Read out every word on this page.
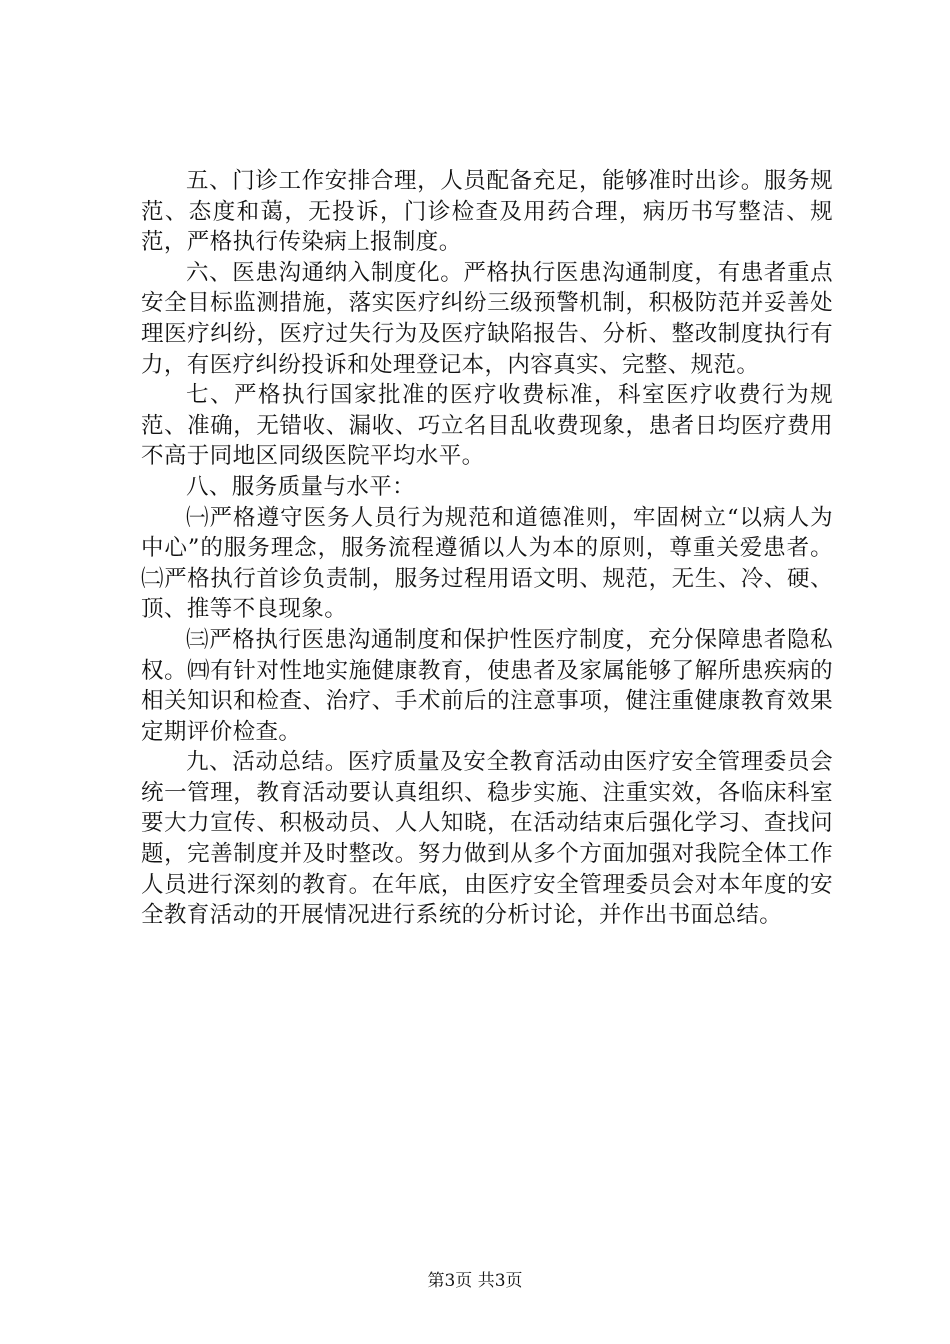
五、门诊工作安排合理，人员配备充足，能够准时出诊。服务规范、态度和蔼，无投诉，门诊检查及用药合理，病历书写整洁、规范，严格执行传染病上报制度。

六、医患沟通纳入制度化。严格执行医患沟通制度，有患者重点安全目标监测措施，落实医疗纠纷三级预警机制，积极防范并妥善处理医疗纠纷，医疗过失行为及医疗缺陷报告、分析、整改制度执行有力，有医疗纠纷投诉和处理登记本，内容真实、完整、规范。

七、严格执行国家批准的医疗收费标准，科室医疗收费行为规范、准确，无错收、漏收、巧立名目乱收费现象，患者日均医疗费用不高于同地区同级医院平均水平。

八、服务质量与水平：

㈠严格遵守医务人员行为规范和道德准则，牢固树立“以病人为中心”的服务理念，服务流程遵循以人为本的原则，尊重关爱患者。㈡严格执行首诊负责制，服务过程用语文明、规范，无生、冷、硬、顶、推等不良现象。

㈢严格执行医患沟通制度和保护性医疗制度，充分保障患者隐私权。㈣有针对性地实施健康教育，使患者及家属能够了解所患疾病的相关知识和检查、治疗、手术前后的注意事项，健注重健康教育效果定期评价检查。

九、活动总结。医疗质量及安全教育活动由医疗安全管理委员会统一管理，教育活动要认真组织、稳步实施、注重实效，各临床科室要大力宣传、积极动员、人人知晓，在活动结束后强化学习、查找问题，完善制度并及时整改。努力做到从多个方面加强对我院全体工作人员进行深刻的教育。在年底，由医疗安全管理委员会对本年度的安全教育活动的开展情况进行系统的分析讨论，并作出书面总结。

第3页 共3页
